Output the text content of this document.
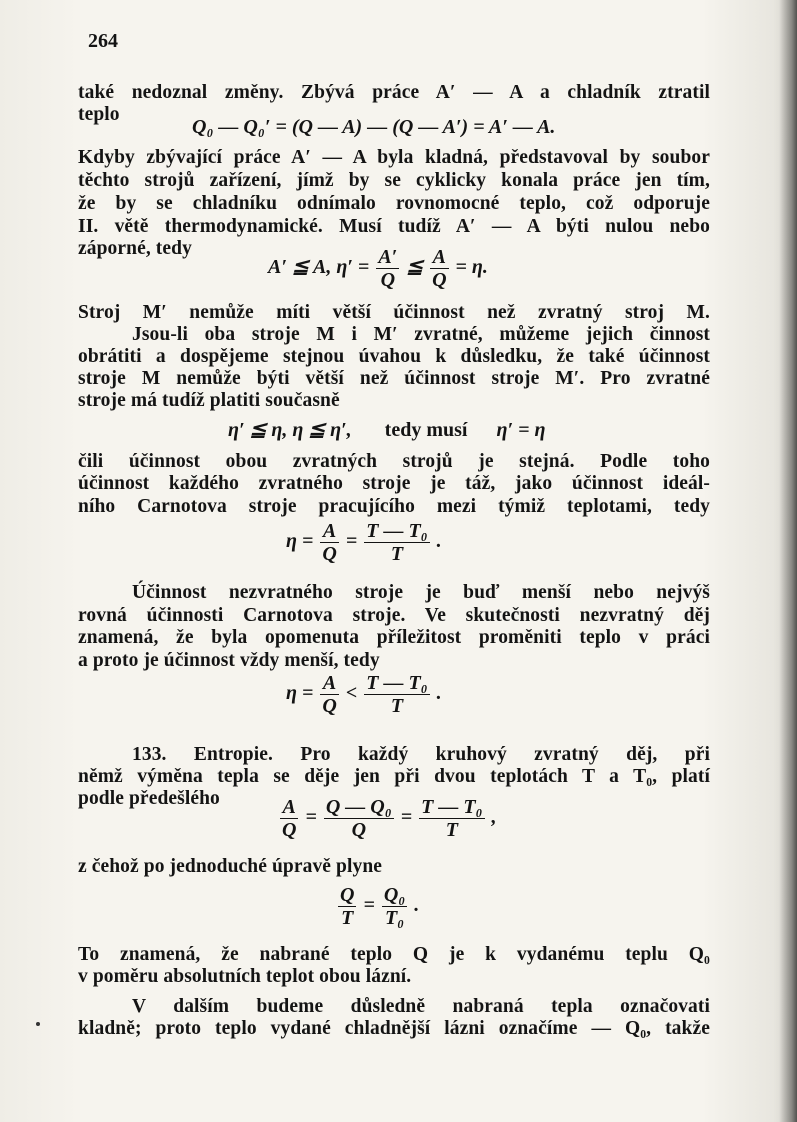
264
také nedoznal změny. Zbývá práce A′ — A a chladník ztratil
teplo
Q₀ — Q₀′ = (Q — A) — (Q — A′) = A′ — A.
Kdyby zbývající práce A′ — A byla kladná, představoval by soubor
těchto strojů zařízení, jímž by se cyklicky konala práce jen tím,
že by se chladníku odnímalo rovnomocné teplo, což odporuje
II. větě thermodynamické. Musí tudíž A′ — A býti nulou nebo
záporné, tedy
A′ ≦ A, $\eta' = \frac{A'}{Q}$ ≦ $\frac{A}{Q} = \eta$.
Stroj M′ nemůže míti větší účinnost než zvratný stroj M.
Jsou-li oba stroje M i M′ zvratné, můžeme jejich činnost
obrátiti a dospějeme stejnou úvahou k důsledku, že také účinnost
stroje M nemůže býti větší než účinnost stroje M′. Pro zvratné
stroje má tudíž platiti současně
η′ ≦ η, η ≦ η′, tedy musí η′ = η
čili účinnost obou zvratných strojů je stejná. Podle toho
účinnost každého zvratného stroje je táž, jako účinnost ideál-
ního Carnotova stroje pracujícího mezi týmiž teplotami, tedy
$\eta = \frac{A}{Q} = \frac{\text{T — T₀}}{T}$ .
Účinnost nezvratného stroje je buď menší nebo nejvýš
rovná účinnosti Carnotova stroje. Ve skutečnosti nezvratný děj
znamená, že byla opomenuta příležitost proměniti teplo v práci
a proto je účinnost vždy menší, tedy
$\eta = \frac{A}{Q} < \frac{\text{T — T₀}}{T}$ .
133. Entropie. Pro každý kruhový zvratný děj, při
němž výměna tepla se děje jen při dvou teplotách T a T₀, platí
podle předešlého	$\frac{A}{Q} = \frac{\text{Q — Q₀}}{Q} = \frac{\text{T — T₀}}{T}$ ,
z čehož po jednoduché úpravě plyne
$\frac{Q}{T} = \frac{\text{Q₀}}{\text{T₀}}$ .
To znamená, že nabrané teplo Q je k vydanému teplu Q₀
v poměru absolutních teplot obou lázní.
V dalším budeme důsledně nabraná tepla označovati
kladně; proto teplo vydané chladnější lázni označíme — Q₀, takže
